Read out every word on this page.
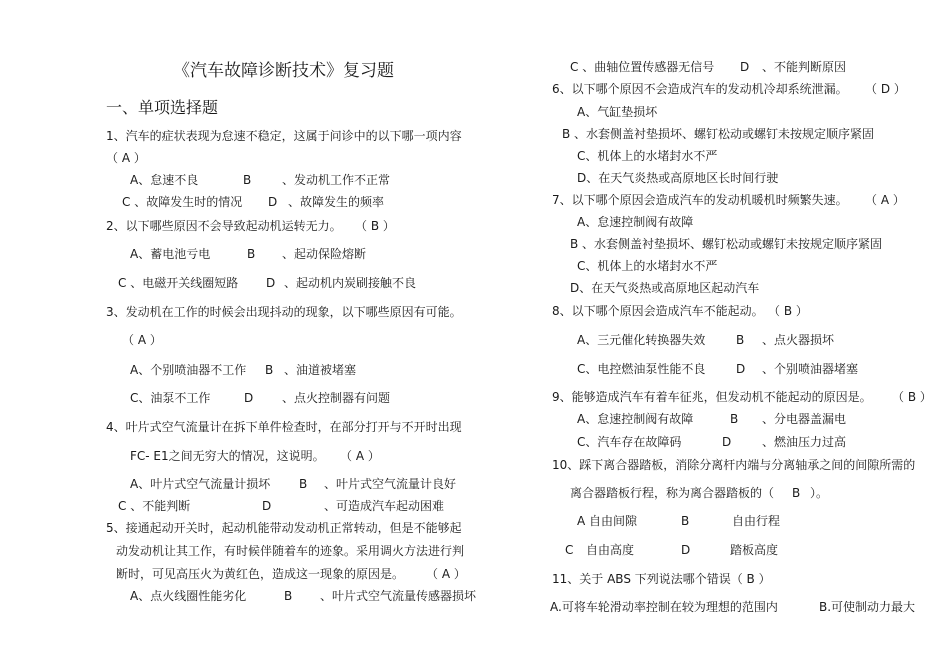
《汽车故障诊断技术》复习题
一、单项选择题
1、汽车的症状表现为怠速不稳定，这属于问诊中的以下哪一项内容
（ A ）
A、怠速不良	B	、发动机工作不正常
C 、故障发生时的情况 D 、故障发生的频率
2、以下哪些原因不会导致起动机运转无力。 （ B ）
A、蓄电池亏电	B 、起动保险熔断
C 、电磁开关线圈短路 D 、起动机内炭刷接触不良
3、发动机在工作的时候会出现抖动的现象，以下哪些原因有可能。
（ A ）
A、个别喷油器不工作 B 、油道被堵塞
C、油泵不工作	D 、点火控制器有问题
4、叶片式空气流量计在拆下单件检查时，在部分打开与不开时出现
FC- E1之间无穷大的情况，这说明。 （ A ）
A、叶片式空气流量计损坏 B 、叶片式空气流量计良好
C 、不能判断	D	、可造成汽车起动困难
5、接通起动开关时，起动机能带动发动机正常转动，但是不能够起
动发动机让其工作，有时候伴随着车的迹象。采用调火方法进行判
断时，可见高压火为黄红色，造成这一现象的原因是。 （ A ）
A、点火线圈性能劣化	B 、叶片式空气流量传感器损坏
C 、曲轴位置传感器无信号 D 、不能判断原因
6、以下哪个原因不会造成汽车的发动机冷却系统泄漏。 （ D ）
A、气缸垫损坏
B 、水套侧盖衬垫损坏、螺钉松动或螺钉未按规定顺序紧固
C、机体上的水堵封水不严
D、在天气炎热或高原地区长时间行驶
7、以下哪个原因会造成汽车的发动机暖机时频繁失速。 （ A ）
A、怠速控制阀有故障
B 、水套侧盖衬垫损坏、螺钉松动或螺钉未按规定顺序紧固
C、机体上的水堵封水不严
D、在天气炎热或高原地区起动汽车
8、以下哪个原因会造成汽车不能起动。 （ B ）
A、三元催化转换器失效	B 、点火器损坏
C、电控燃油泵性能不良	D 、个别喷油器堵塞
9、能够造成汽车有着车征兆，但发动机不能起动的原因是。 （ B ）
A、怠速控制阀有故障	B 、分电器盖漏电
C、汽车存在故障码	D	、燃油压力过高
10、踩下离合器踏板，消除分离杆内端与分离轴承之间的间隙所需的
离合器踏板行程，称为离合器踏板的（ B ）。
A 自由间隙	B	自由行程
C 自由高度	D	踏板高度
11、关于 ABS 下列说法哪个错误（ B ）
A.可将车轮滑动率控制在较为理想的范围内	B.可使制动力最大
